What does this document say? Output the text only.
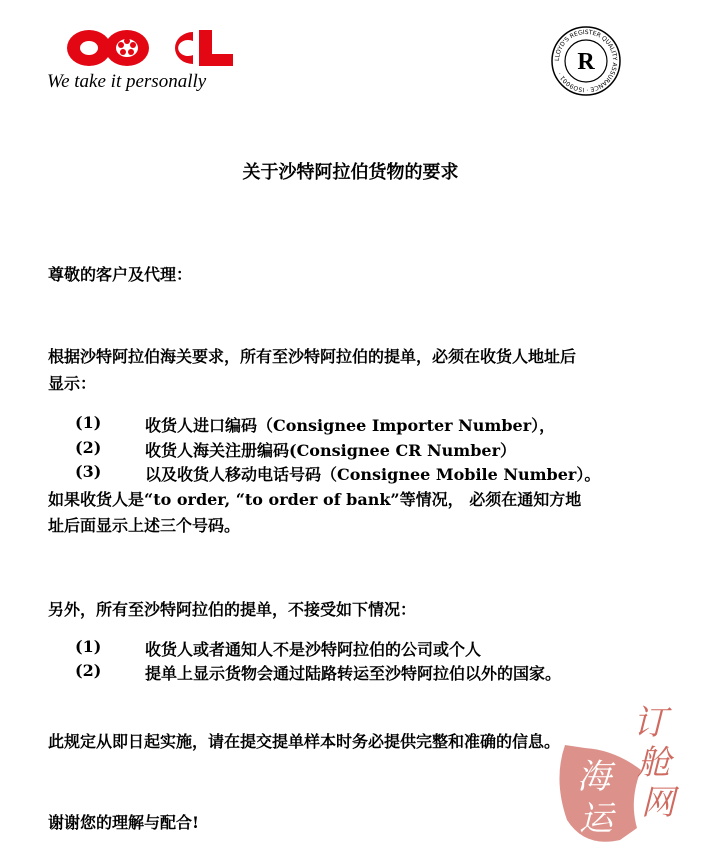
We take it personally
LLOYD'S REGISTER QUALITY ASSURANCE · ISO9001 · R
关于沙特阿拉伯货物的要求
尊敬的客户及代理：
根据沙特阿拉伯海关要求，所有至沙特阿拉伯的提单，必须在收货人地址后
显示：
(1)	收货人进口编码（Consignee Importer Number），
(2)	收货人海关注册编码(Consignee CR Number）
(3)	以及收货人移动电话号码（Consignee Mobile Number）。
如果收货人是“to order, “to order of bank”等情况， 必须在通知方地
址后面显示上述三个号码。
另外，所有至沙特阿拉伯的提单，不接受如下情况：
(1)	收货人或者通知人不是沙特阿拉伯的公司或个人
(2)	提单上显示货物会通过陆路转运至沙特阿拉伯以外的国家。
此规定从即日起实施，请在提交提单样本时务必提供完整和准确的信息。
谢谢您的理解与配合!
订
舱
网
海
运
